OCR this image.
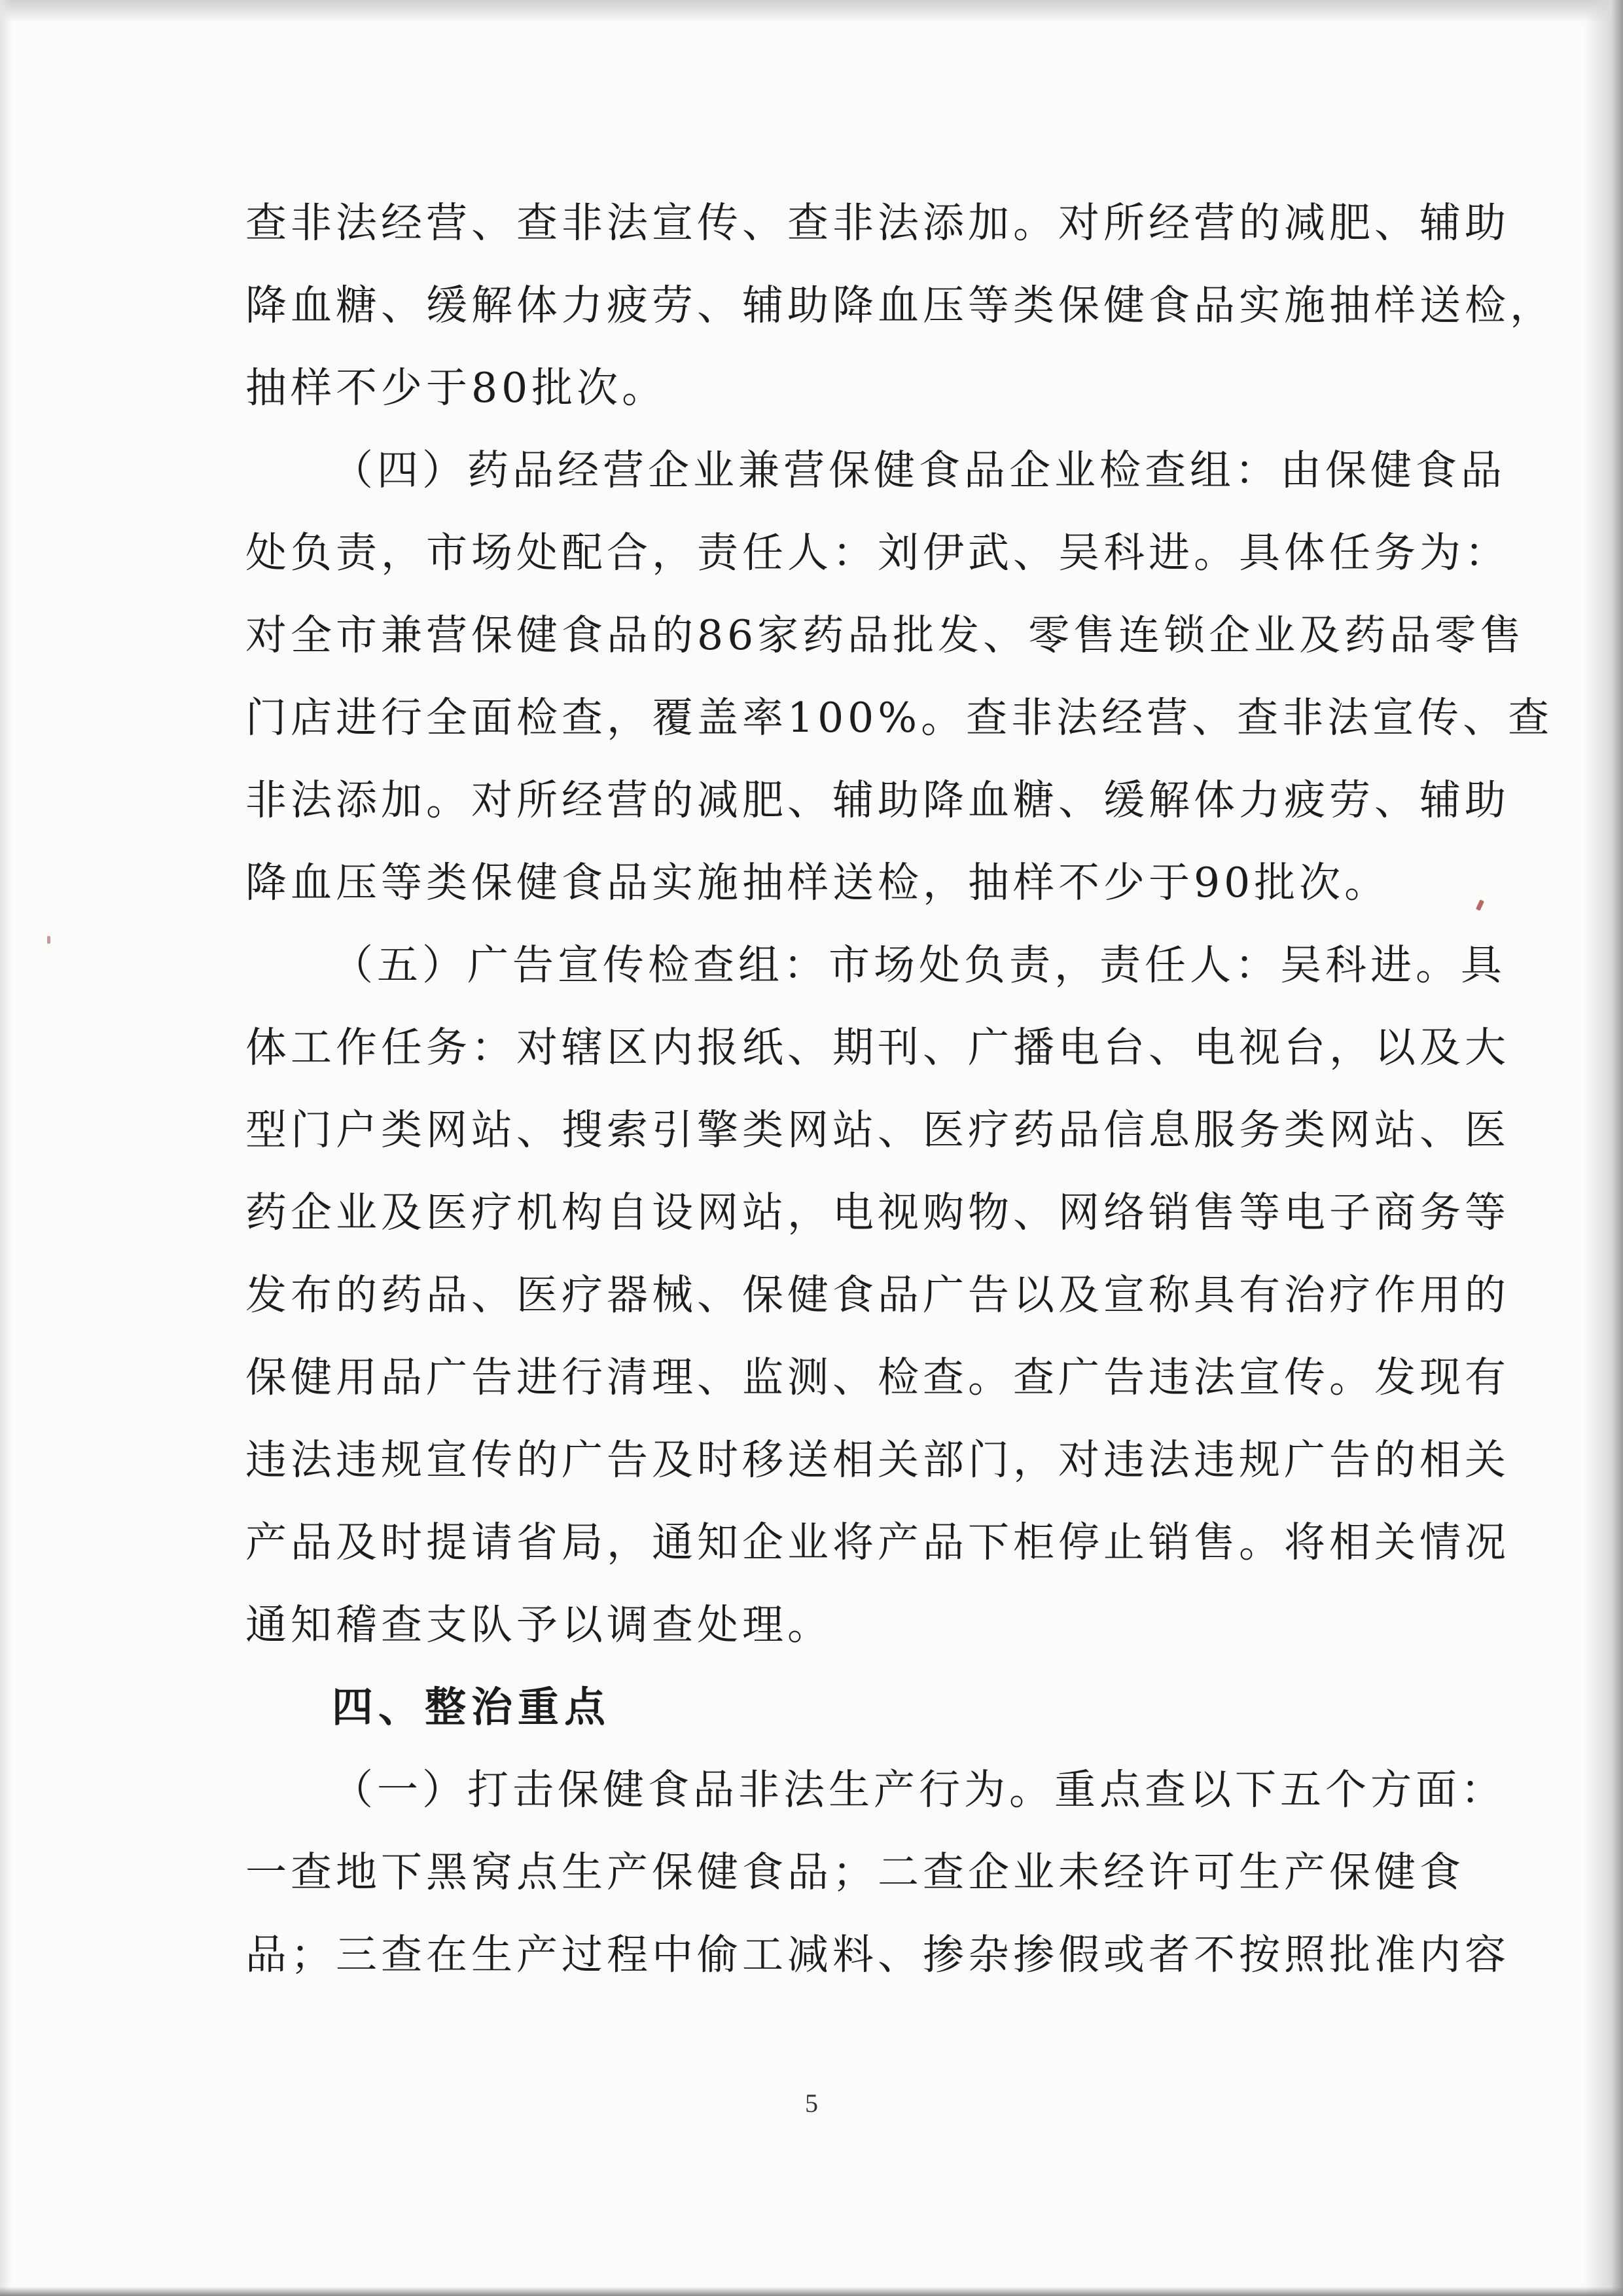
查非法经营、查非法宣传、查非法添加。对所经营的减肥、辅助
降血糖、缓解体力疲劳、辅助降血压等类保健食品实施抽样送检，
抽样不少于80批次。
（四）药品经营企业兼营保健食品企业检查组：由保健食品
处负责，市场处配合，责任人：刘伊武、吴科进。具体任务为：
对全市兼营保健食品的86家药品批发、零售连锁企业及药品零售
门店进行全面检查，覆盖率100%。查非法经营、查非法宣传、查
非法添加。对所经营的减肥、辅助降血糖、缓解体力疲劳、辅助
降血压等类保健食品实施抽样送检，抽样不少于90批次。
（五）广告宣传检查组：市场处负责，责任人：吴科进。具
体工作任务：对辖区内报纸、期刊、广播电台、电视台，以及大
型门户类网站、搜索引擎类网站、医疗药品信息服务类网站、医
药企业及医疗机构自设网站，电视购物、网络销售等电子商务等
发布的药品、医疗器械、保健食品广告以及宣称具有治疗作用的
保健用品广告进行清理、监测、检查。查广告违法宣传。发现有
违法违规宣传的广告及时移送相关部门，对违法违规广告的相关
产品及时提请省局，通知企业将产品下柜停止销售。将相关情况
通知稽查支队予以调查处理。
四、整治重点
（一）打击保健食品非法生产行为。重点查以下五个方面：
一查地下黑窝点生产保健食品；二查企业未经许可生产保健食
品；三查在生产过程中偷工减料、掺杂掺假或者不按照批准内容
5
